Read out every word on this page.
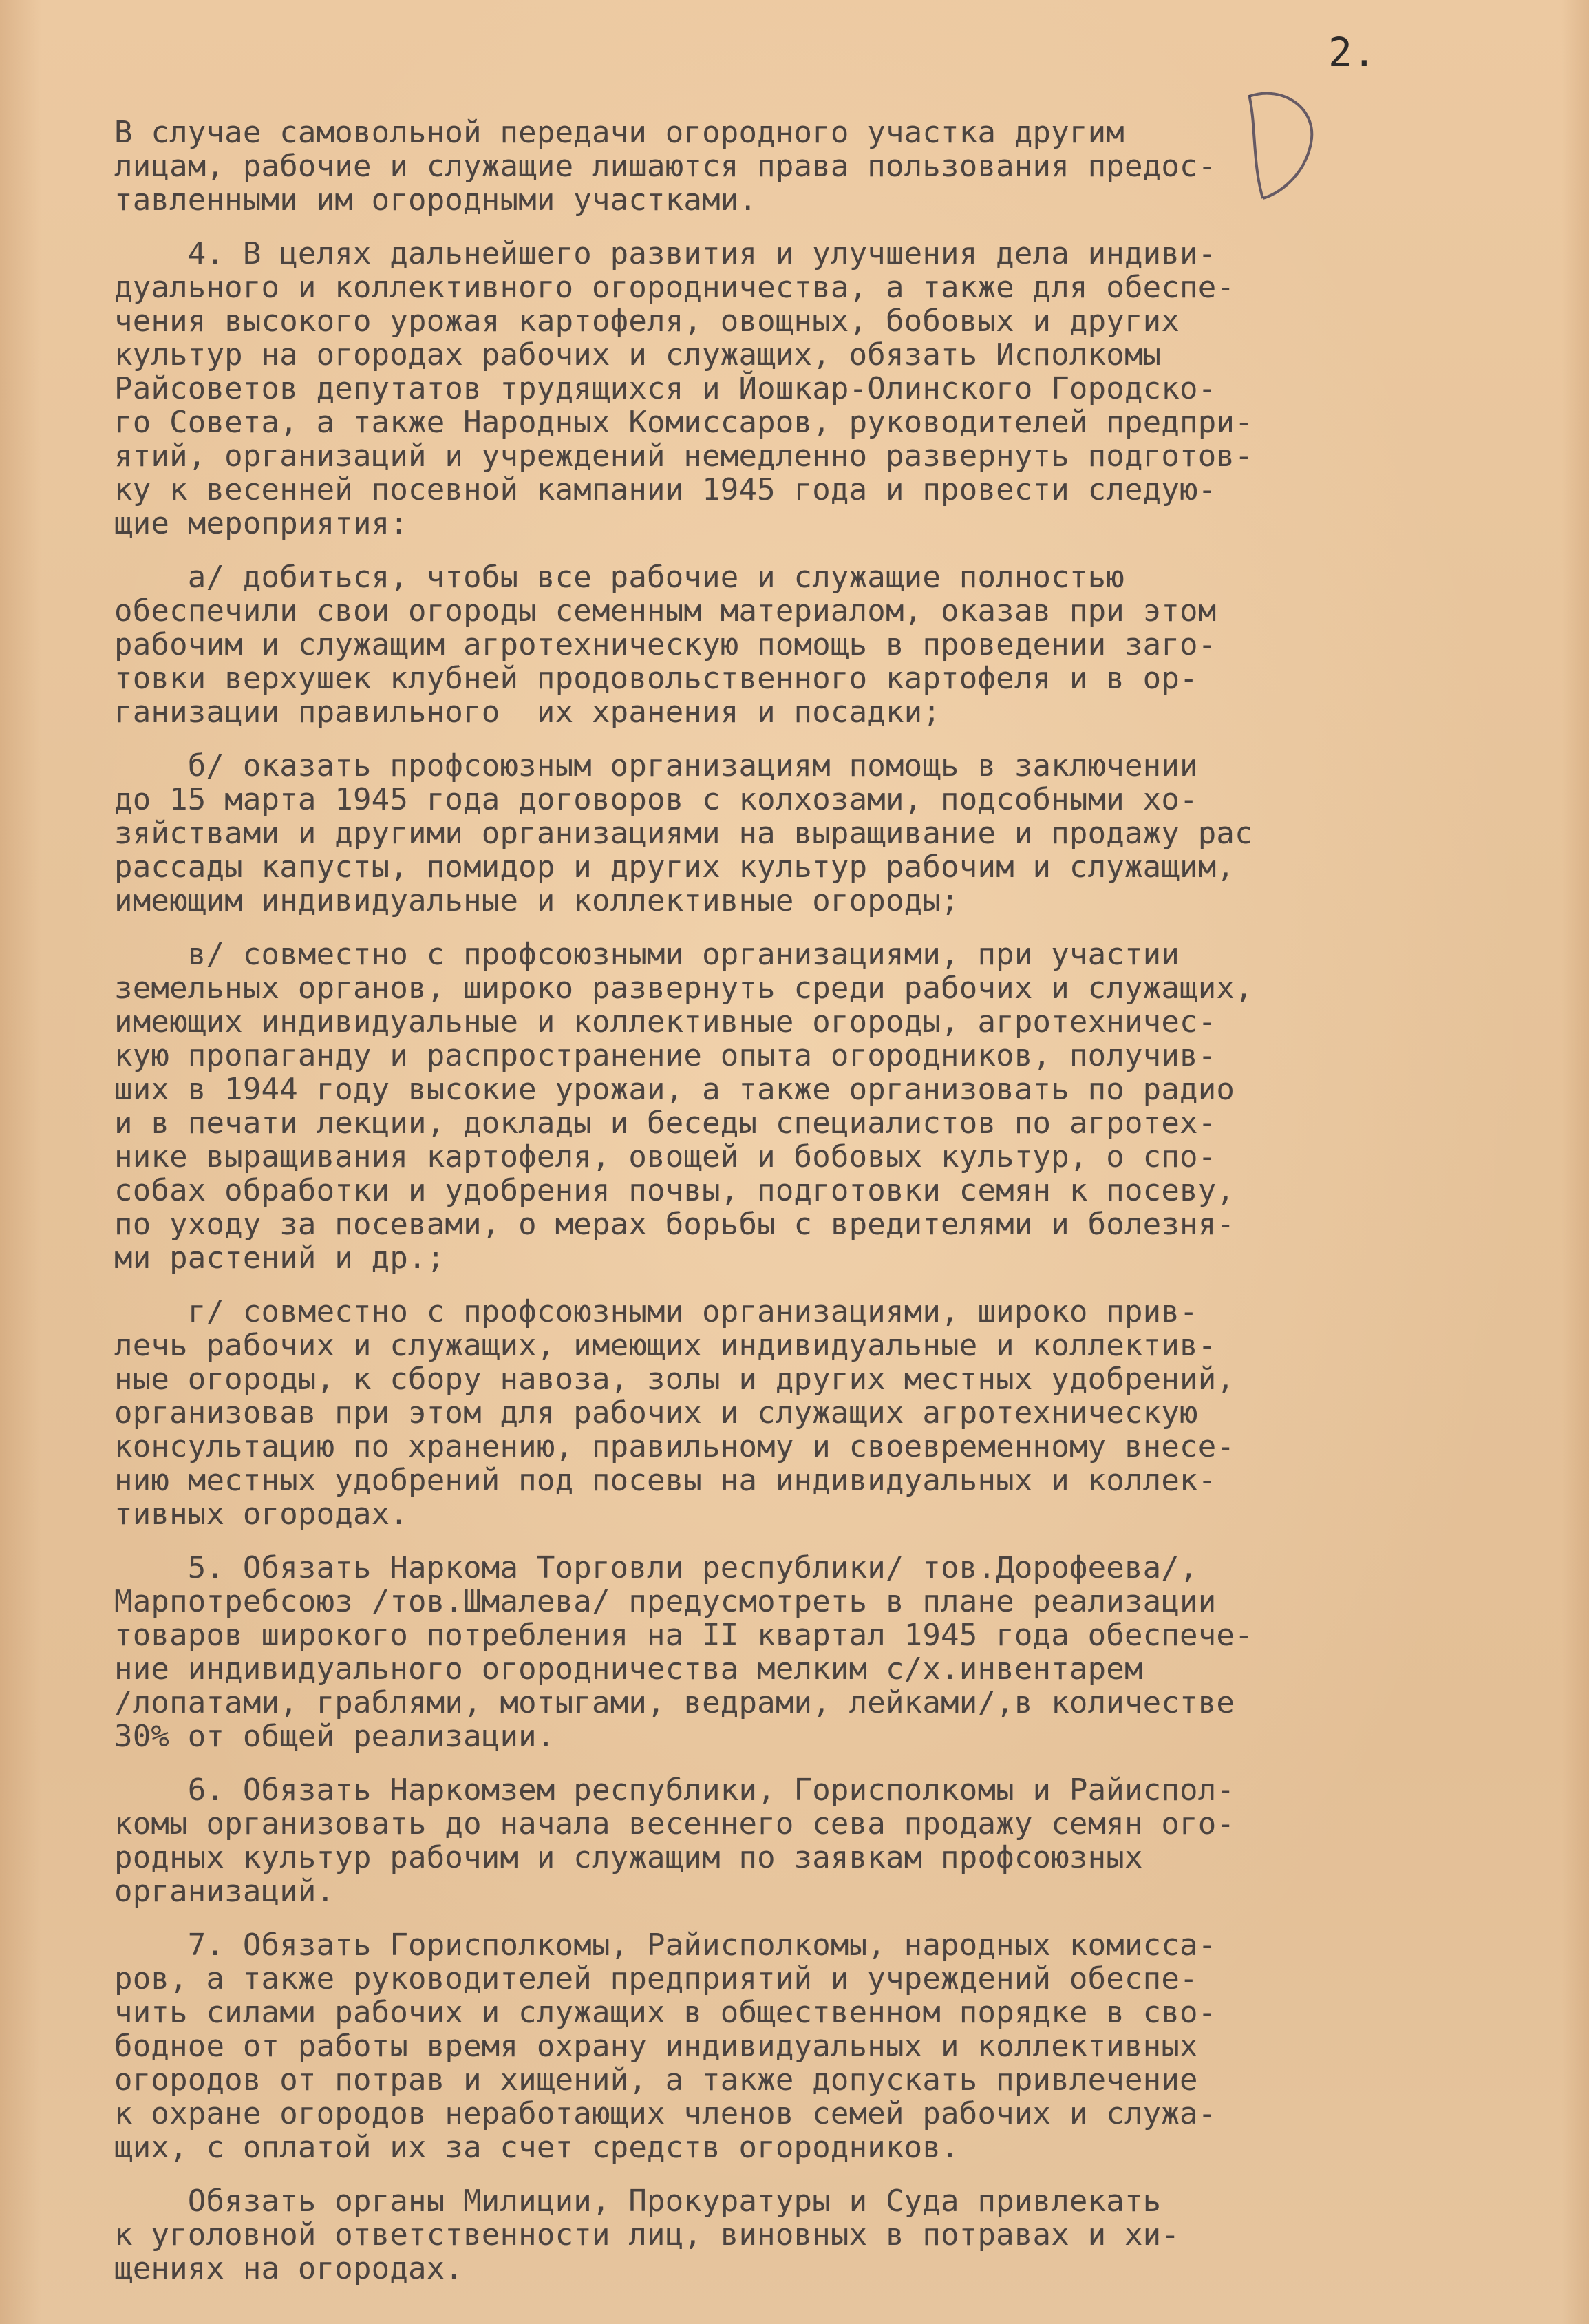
2.
В случае самовольной передачи огородного участка другим
лицам, рабочие и служащие лишаются права пользования предос-
тавленными им огородными участками.
4. В целях дальнейшего развития и улучшения дела индиви-
дуального и коллективного огородничества, а также для обеспе-
чения высокого урожая картофеля, овощных, бобовых и других
культур на огородах рабочих и служащих, обязать Исполкомы
Райсоветов депутатов трудящихся и Йошкар-Олинского Городско-
го Совета, а также Народных Комиссаров, руководителей предпри-
ятий, организаций и учреждений немедленно развернуть подготов-
ку к весенней посевной кампании 1945 года и провести следую-
щие мероприятия:
а/ добиться, чтобы все рабочие и служащие полностью
обеспечили свои огороды семенным материалом, оказав при этом
рабочим и служащим агротехническую помощь в проведении заго-
товки верхушек клубней продовольственного картофеля и в ор-
ганизации правильного  их хранения и посадки;
б/ оказать профсоюзным организациям помощь в заключении
до 15 марта 1945 года договоров с колхозами, подсобными хо-
зяйствами и другими организациями на выращивание и продажу рас
рассады капусты, помидор и других культур рабочим и служащим,
имеющим индивидуальные и коллективные огороды;
в/ совместно с профсоюзными организациями, при участии
земельных органов, широко развернуть среди рабочих и служащих,
имеющих индивидуальные и коллективные огороды, агротехничес-
кую пропаганду и распространение опыта огородников, получив-
ших в 1944 году высокие урожаи, а также организовать по радио
и в печати лекции, доклады и беседы специалистов по агротех-
нике выращивания картофеля, овощей и бобовых культур, о спо-
собах обработки и удобрения почвы, подготовки семян к посеву,
по уходу за посевами, о мерах борьбы с вредителями и болезня-
ми растений и др.;
г/ совместно с профсоюзными организациями, широко прив-
лечь рабочих и служащих, имеющих индивидуальные и коллектив-
ные огороды, к сбору навоза, золы и других местных удобрений,
организовав при этом для рабочих и служащих агротехническую
консультацию по хранению, правильному и своевременному внесе-
нию местных удобрений под посевы на индивидуальных и коллек-
тивных огородах.
5. Обязать Наркома Торговли республики/ тов.Дорофеева/,
Марпотребсоюз /тов.Шмалева/ предусмотреть в плане реализации
товаров широкого потребления на II квартал 1945 года обеспече-
ние индивидуального огородничества мелким с/х.инвентарем
/лопатами, граблями, мотыгами, ведрами, лейками/,в количестве
30% от общей реализации.
6. Обязать Наркомзем республики, Горисполкомы и Райиспол-
комы организовать до начала весеннего сева продажу семян ого-
родных культур рабочим и служащим по заявкам профсоюзных
организаций.
7. Обязать Горисполкомы, Райисполкомы, народных комисса-
ров, а также руководителей предприятий и учреждений обеспе-
чить силами рабочих и служащих в общественном порядке в сво-
бодное от работы время охрану индивидуальных и коллективных
огородов от потрав и хищений, а также допускать привлечение
к охране огородов неработающих членов семей рабочих и служа-
щих, с оплатой их за счет средств огородников.
Обязать органы Милиции, Прокуратуры и Суда привлекать
к уголовной ответственности лиц, виновных в потравах и хи-
щениях на огородах.
